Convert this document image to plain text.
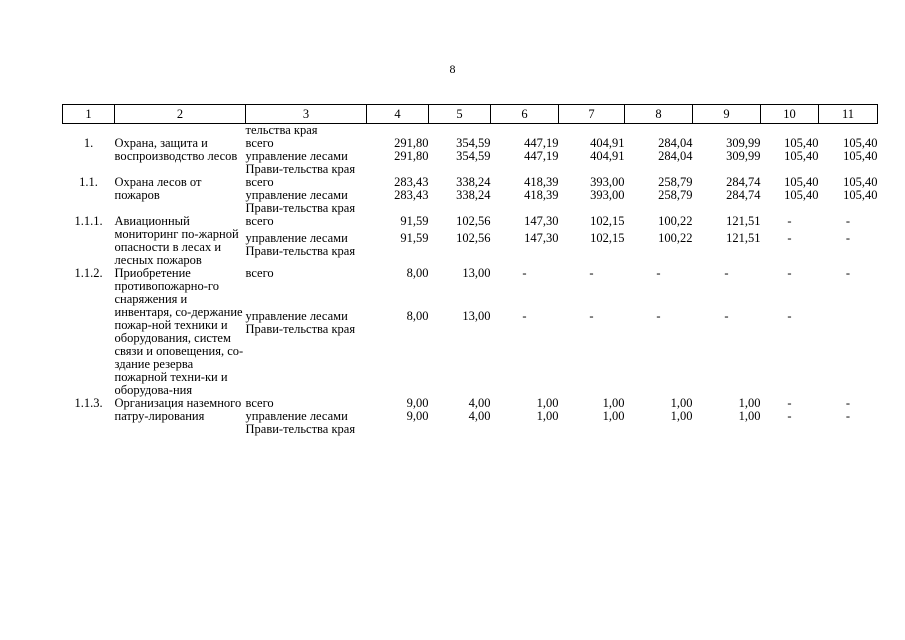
8
1	2	3	4	5	6	7	8	9	10	11
		тельства края								
1.	Охрана, защита и воспроизводство лесов	всего	291,80	354,59	447,19	404,91	284,04	309,99	105,40	105,40
		управление лесами Прави-тельства края	291,80	354,59	447,19	404,91	284,04	309,99	105,40	105,40
1.1.	Охрана лесов от пожаров	всего	283,43	338,24	418,39	393,00	258,79	284,74	105,40	105,40
		управление лесами Прави-тельства края	283,43	338,24	418,39	393,00	258,79	284,74	105,40	105,40
1.1.1.	Авиационный мониторинг по-жарной опасности в лесах и лесных пожаров	всего	91,59	102,56	147,30	102,15	100,22	121,51	-	-
		управление лесами Прави-тельства края	91,59	102,56	147,30	102,15	100,22	121,51	-	-
1.1.2.	Приобретение противопожарно-го снаряжения и инвентаря, со-держание пожар-ной техники и оборудования, систем связи и оповещения, со-здание резерва пожарной техни-ки и оборудова-ния	всего	8,00	13,00	-	-	-	-	-	-
		управление лесами Прави-тельства края	8,00	13,00	-	-	-	-	-	
1.1.3.	Организация наземного патру-лирования	всего	9,00	4,00	1,00	1,00	1,00	1,00	-	-
		управление лесами Прави-тельства края	9,00	4,00	1,00	1,00	1,00	1,00	-	-
